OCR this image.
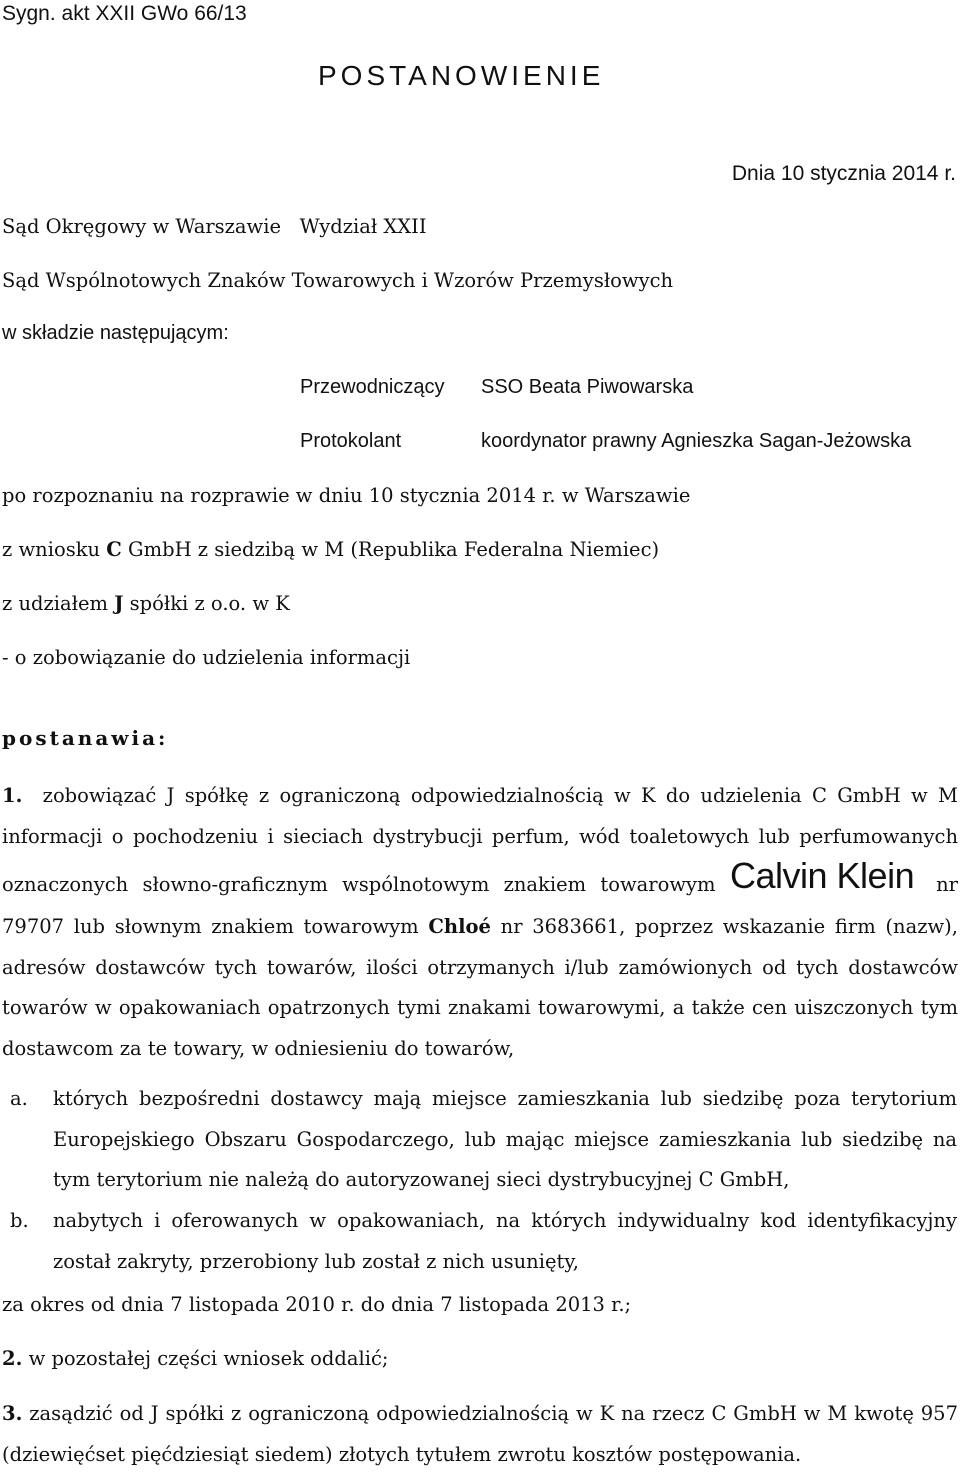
Sygn. akt XXII GWo 66/13
POSTANOWIENIE
Dnia 10 stycznia 2014 r.
Sąd Okręgowy w Warszawie Wydział XXII
Sąd Wspólnotowych Znaków Towarowych i Wzorów Przemysłowych
w składzie następującym:
Przewodniczący SSO Beata Piwowarska
Protokolant	koordynator prawny Agnieszka Sagan-Jeżowska
po rozpoznaniu na rozprawie w dniu 10 stycznia 2014 r. w Warszawie
z wniosku C GmbH z siedzibą w M (Republika Federalna Niemiec)
z udziałem J spółki z o.o. w K
- o zobowiązanie do udzielenia informacji
postanawia:
1. zobowiązać J spółkę z ograniczoną odpowiedzialnością w K do udzielenia C GmbH w M
informacji o pochodzeniu i sieciach dystrybucji perfum, wód toaletowych lub perfumowanych
oznaczonych słowno-graficznym wspólnotowym znakiem towarowym Calvin Klein nr
79707 lub słownym znakiem towarowym Chloé nr 3683661, poprzez wskazanie firm (nazw),
adresów dostawców tych towarów, ilości otrzymanych i/lub zamówionych od tych dostawców
towarów w opakowaniach opatrzonych tymi znakami towarowymi, a także cen uiszczonych tym
dostawcom za te towary, w odniesieniu do towarów,
a. których bezpośredni dostawcy mają miejsce zamieszkania lub siedzibę poza terytorium
Europejskiego Obszaru Gospodarczego, lub mając miejsce zamieszkania lub siedzibę na
tym terytorium nie należą do autoryzowanej sieci dystrybucyjnej C GmbH,
b. nabytych i oferowanych w opakowaniach, na których indywidualny kod identyfikacyjny
został zakryty, przerobiony lub został z nich usunięty,
za okres od dnia 7 listopada 2010 r. do dnia 7 listopada 2013 r.;
2. w pozostałej części wniosek oddalić;
3. zasądzić od J spółki z ograniczoną odpowiedzialnością w K na rzecz C GmbH w M kwotę 957
(dziewięćset pięćdziesiąt siedem) złotych tytułem zwrotu kosztów postępowania.
